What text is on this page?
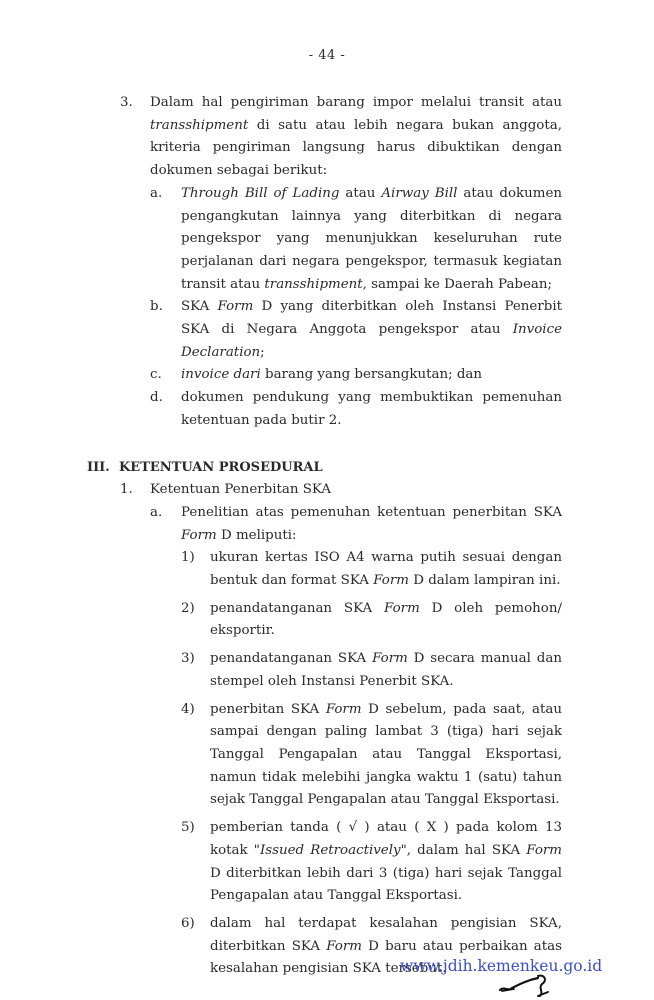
- 44 -
3. Dalam hal pengiriman barang impor melalui transit atau transshipment di satu atau lebih negara bukan anggota, kriteria pengiriman langsung harus dibuktikan dengan dokumen sebagai berikut:
a. Through Bill of Lading atau Airway Bill atau dokumen pengangkutan lainnya yang diterbitkan di negara pengekspor yang menunjukkan keseluruhan rute perjalanan dari negara pengekspor, termasuk kegiatan transit atau transshipment, sampai ke Daerah Pabean;
b. SKA Form D yang diterbitkan oleh Instansi Penerbit SKA di Negara Anggota pengekspor atau Invoice Declaration;
c. invoice dari barang yang bersangkutan; dan
d. dokumen pendukung yang membuktikan pemenuhan ketentuan pada butir 2.
III. KETENTUAN PROSEDURAL
1. Ketentuan Penerbitan SKA
a. Penelitian atas pemenuhan ketentuan penerbitan SKA Form D meliputi:
1) ukuran kertas ISO A4 warna putih sesuai dengan bentuk dan format SKA Form D dalam lampiran ini.
2) penandatanganan SKA Form D oleh pemohon/ eksportir.
3) penandatanganan SKA Form D secara manual dan stempel oleh Instansi Penerbit SKA.
4) penerbitan SKA Form D sebelum, pada saat, atau sampai dengan paling lambat 3 (tiga) hari sejak Tanggal Pengapalan atau Tanggal Eksportasi, namun tidak melebihi jangka waktu 1 (satu) tahun sejak Tanggal Pengapalan atau Tanggal Eksportasi.
5) pemberian tanda ( √ ) atau ( X ) pada kolom 13 kotak "Issued Retroactively", dalam hal SKA Form D diterbitkan lebih dari 3 (tiga) hari sejak Tanggal Pengapalan atau Tanggal Eksportasi.
6) dalam hal terdapat kesalahan pengisian SKA, diterbitkan SKA Form D baru atau perbaikan atas kesalahan pengisian SKA tersebut.
www.jdih.kemenkeu.go.id
